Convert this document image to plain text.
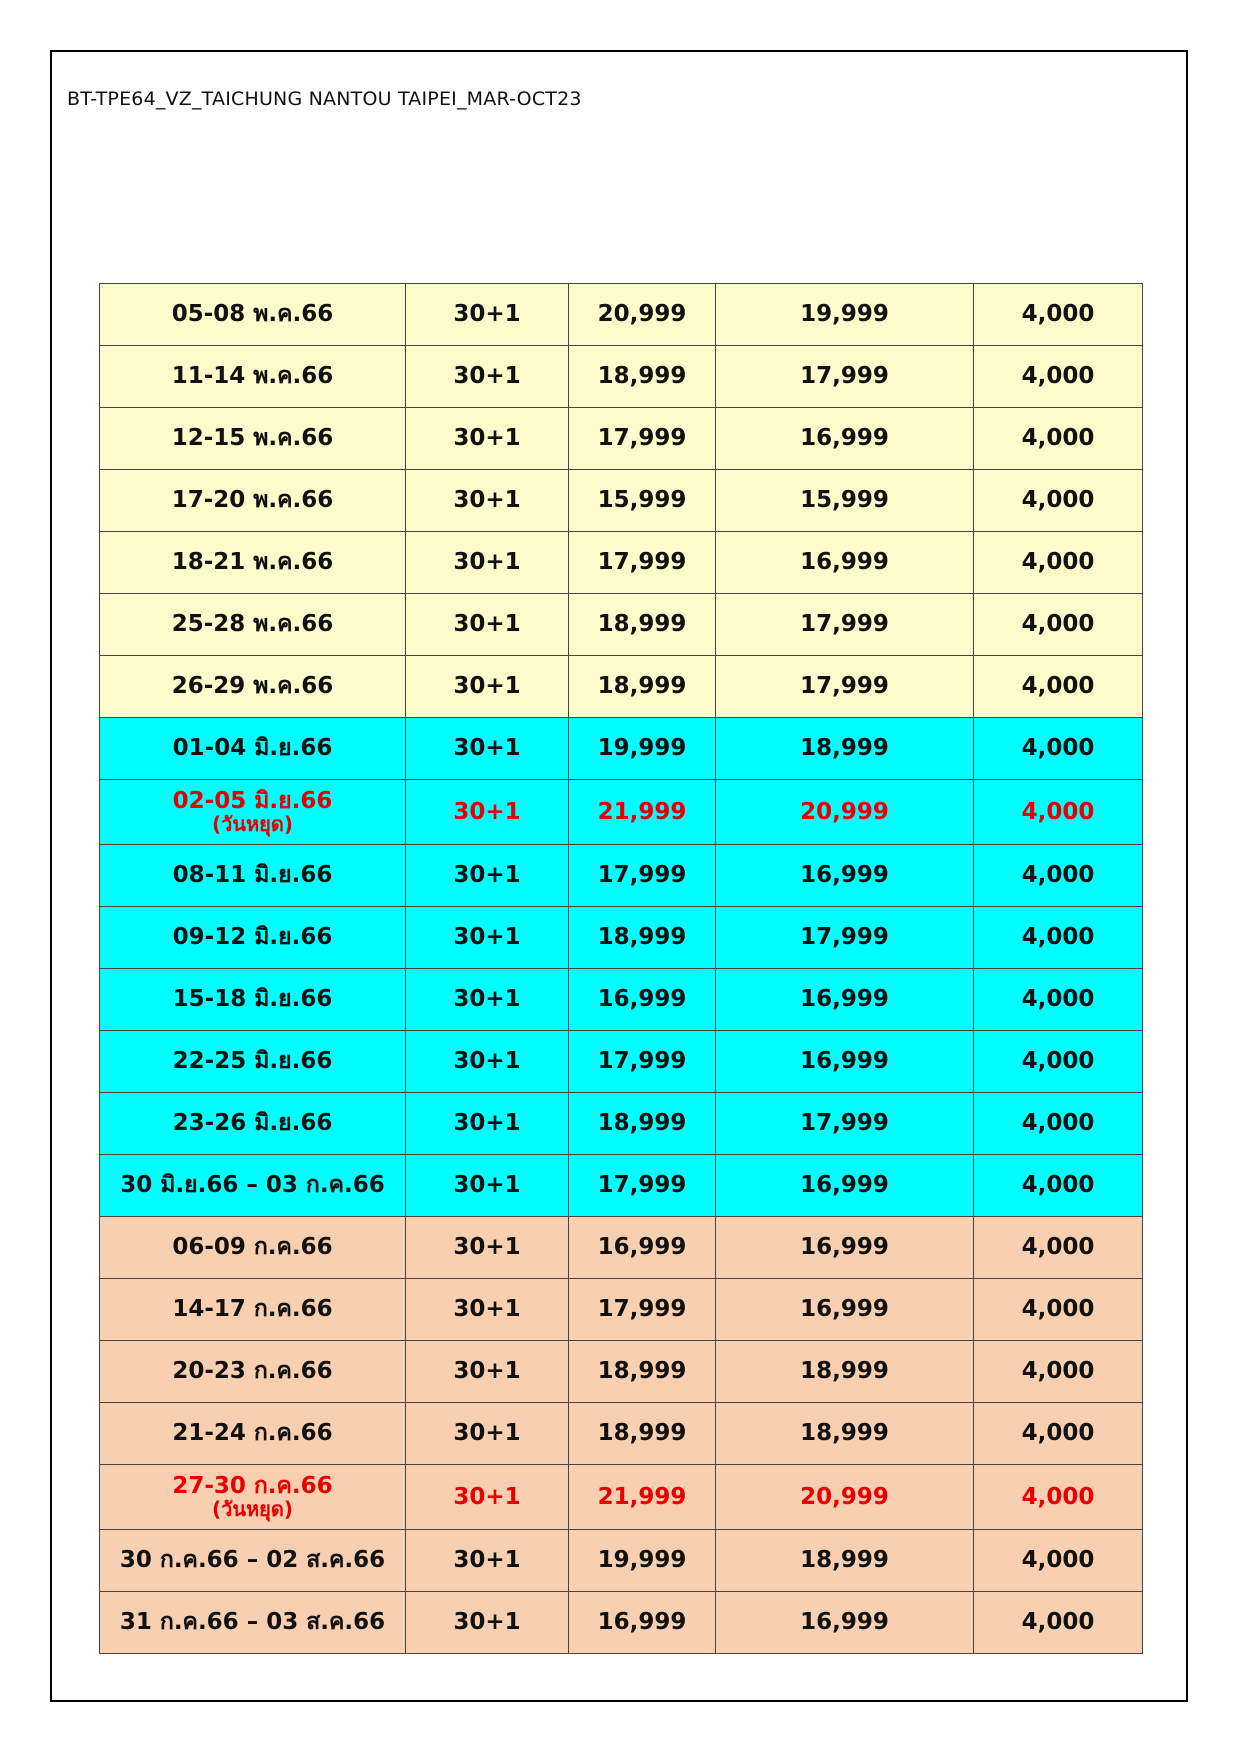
BT-TPE64_VZ_TAICHUNG NANTOU TAIPEI_MAR-OCT23
05-08 พ.ค.66	30+1	20,999	19,999	4,000

11-14 พ.ค.66	30+1	18,999	17,999	4,000

12-15 พ.ค.66	30+1	17,999	16,999	4,000

17-20 พ.ค.66	30+1	15,999	15,999	4,000

18-21 พ.ค.66	30+1	17,999	16,999	4,000

25-28 พ.ค.66	30+1	18,999	17,999	4,000

26-29 พ.ค.66	30+1	18,999	17,999	4,000

01-04 มิ.ย.66	30+1	19,999	18,999	4,000

02-05 มิ.ย.66
(วันหยุด)	30+1	21,999	20,999	4,000

08-11 มิ.ย.66	30+1	17,999	16,999	4,000

09-12 มิ.ย.66	30+1	18,999	17,999	4,000

15-18 มิ.ย.66	30+1	16,999	16,999	4,000

22-25 มิ.ย.66	30+1	17,999	16,999	4,000

23-26 มิ.ย.66	30+1	18,999	17,999	4,000

30 มิ.ย.66 – 03 ก.ค.66	30+1	17,999	16,999	4,000

06-09 ก.ค.66	30+1	16,999	16,999	4,000

14-17 ก.ค.66	30+1	17,999	16,999	4,000

20-23 ก.ค.66	30+1	18,999	18,999	4,000

21-24 ก.ค.66	30+1	18,999	18,999	4,000

27-30 ก.ค.66
(วันหยุด)	30+1	21,999	20,999	4,000

30 ก.ค.66 – 02 ส.ค.66	30+1	19,999	18,999	4,000

31 ก.ค.66 – 03 ส.ค.66	30+1	16,999	16,999	4,000
